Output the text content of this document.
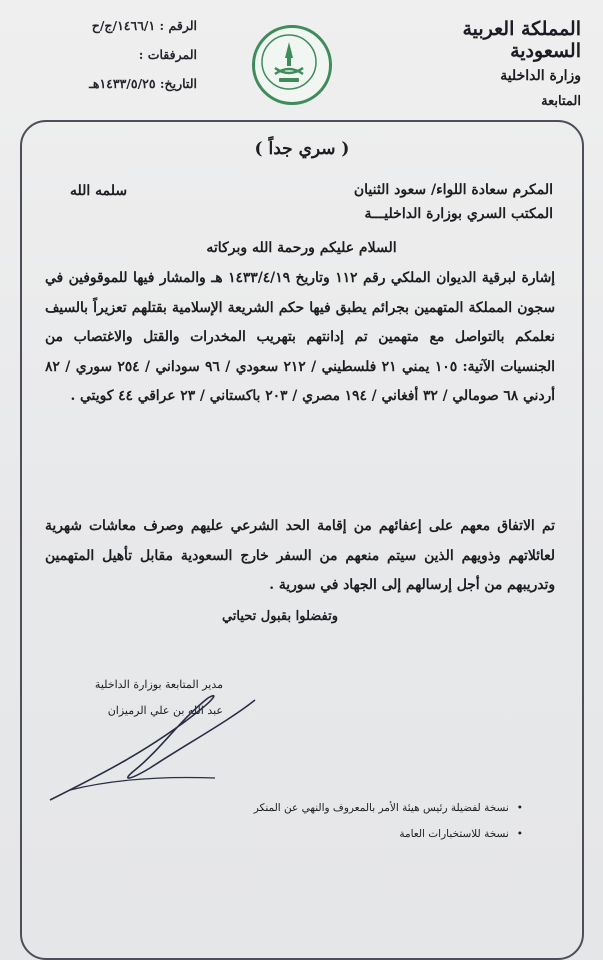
المملكة العربية السعودية
وزارة الداخلية
المتابعة
الرقم : ١٤٦٦/١/ج/ح
المرفقات :
التاريخ: ١٤٣٣/٥/٢٥هـ
( سري جداً )
المكرم سعادة اللواء/ سعود الثنيان
المكتب السري بوزارة الداخليـــة
سلمه الله
السلام عليكم ورحمة الله وبركاته
إشارة لبرقية الديوان الملكي رقم ١١٢ وتاريخ ١٤٣٣/٤/١٩ هـ والمشار فيها للموقوفين في سجون المملكة المتهمين بجرائم يطبق فيها حكم الشريعة الإسلامية بقتلهم تعزيراً بالسيف نعلمكم بالتواصل مع متهمين تم إدانتهم بتهريب المخدرات والقتل والاغتصاب من الجنسيات الآتية: ١٠٥ يمني ٢١ فلسطيني / ٢١٢ سعودي / ٩٦ سوداني / ٢٥٤ سوري / ٨٢ أردني ٦٨ صومالي / ٣٢ أفغاني / ١٩٤ مصري / ٢٠٣ باكستاني / ٢٣ عراقي ٤٤ كويتي .
تم الاتفاق معهم على إعفائهم من إقامة الحد الشرعي عليهم وصرف معاشات شهرية لعائلاتهم وذويهم الذين سيتم منعهم من السفر خارج السعودية مقابل تأهيل المتهمين وتدريبهم من أجل إرسالهم إلى الجهاد في سورية .
وتفضلوا بقبول تحياتي
مدير المتابعة بوزارة الداخلية
عبد الله بن علي الرميزان
• نسخة لفضيلة رئيس هيئة الأمر بالمعروف والنهي عن المنكر
• نسخة للاستخبارات العامة
